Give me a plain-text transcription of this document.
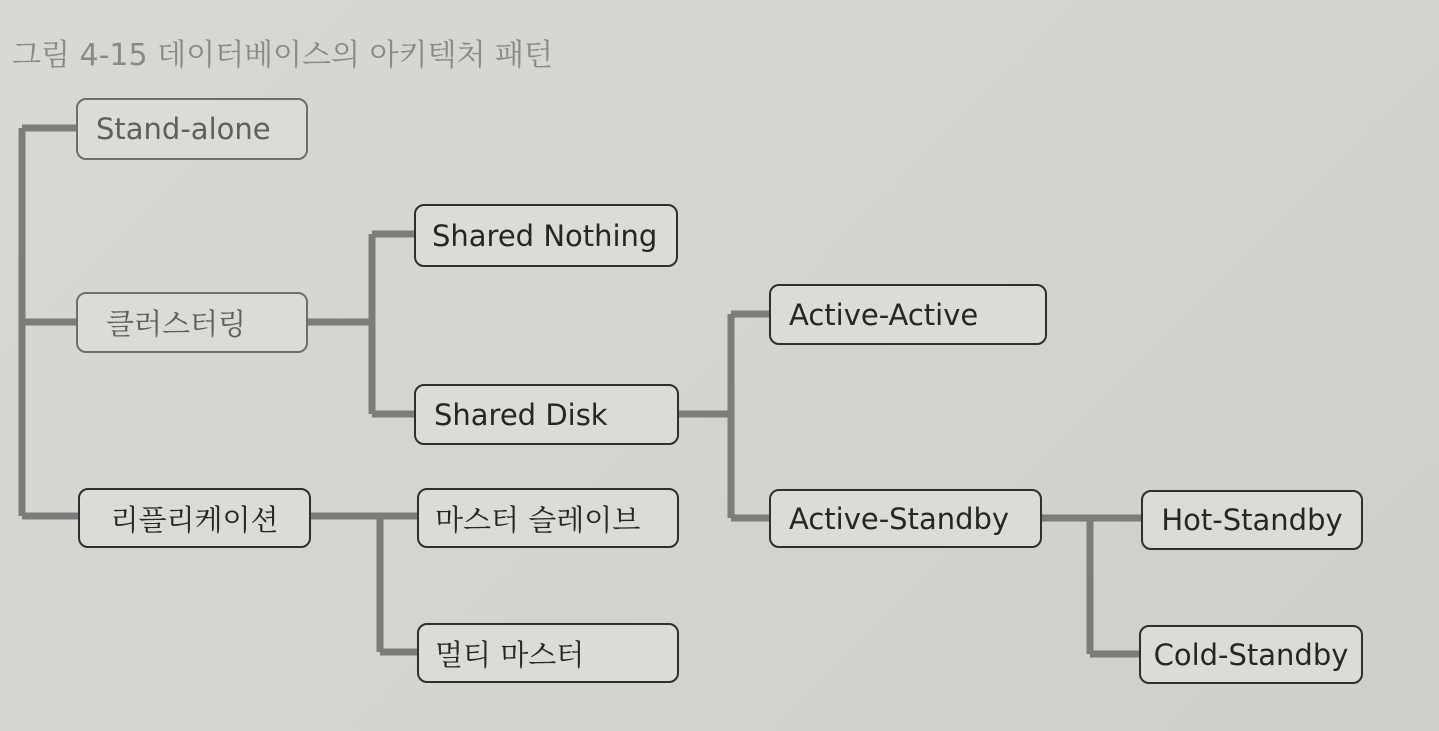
그림 4-15 데이터베이스의 아키텍처 패턴
Stand-alone
클러스터링
리플리케이션
Shared Nothing
Shared Disk
마스터 슬레이브
멀티 마스터
Active-Active
Active-Standby	Hot-Standby
Cold-Standby
